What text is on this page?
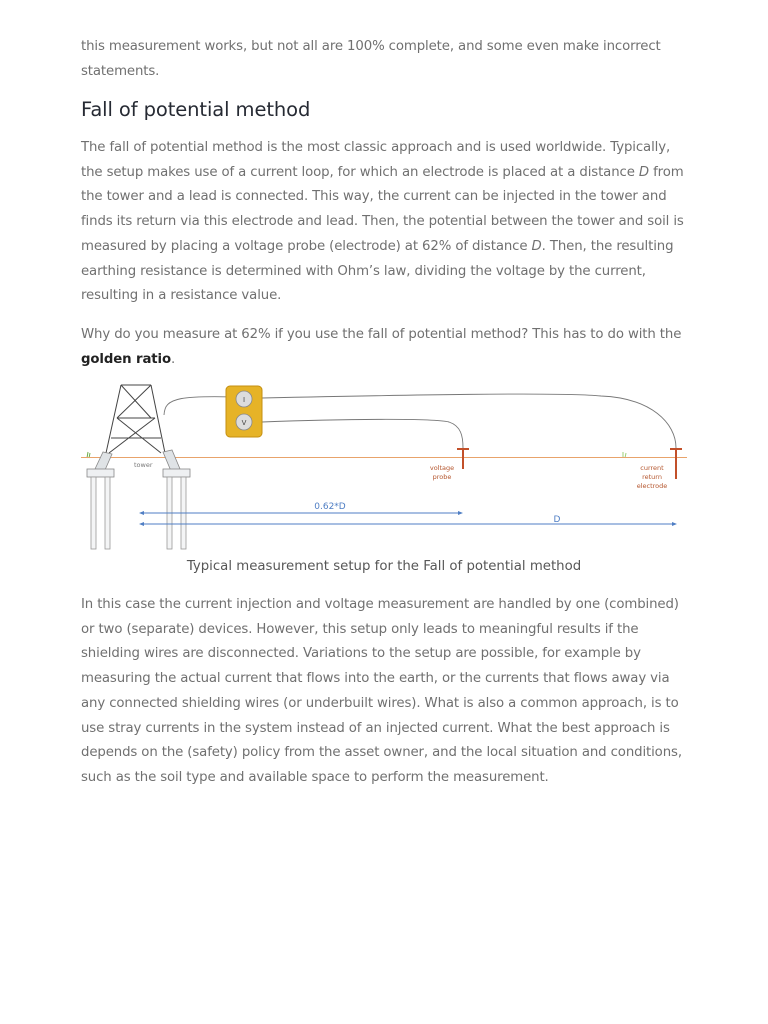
this measurement works, but not all are 100% complete, and some even make incorrect statements.

Fall of potential method

The fall of potential method is the most classic approach and is used worldwide. Typically, the setup makes use of a current loop, for which an electrode is placed at a distance D from the tower and a lead is connected. This way, the current can be injected in the tower and finds its return via this electrode and lead. Then, the potential between the tower and soil is measured by placing a voltage probe (electrode) at 62% of distance D. Then, the resulting earthing resistance is determined with Ohm’s law, dividing the voltage by the current, resulting in a resistance value.

Why do you measure at 62% if you use the fall of potential method? This has to do with the golden ratio.

tower
I
V
voltage
probe
current
return
electrode
0.62*D
D

Typical measurement setup for the Fall of potential method

In this case the current injection and voltage measurement are handled by one (combined) or two (separate) devices. However, this setup only leads to meaningful results if the shielding wires are disconnected. Variations to the setup are possible, for example by measuring the actual current that flows into the earth, or the currents that flows away via any connected shielding wires (or underbuilt wires). What is also a common approach, is to use stray currents in the system instead of an injected current. What the best approach is depends on the (safety) policy from the asset owner, and the local situation and conditions, such as the soil type and available space to perform the measurement.
